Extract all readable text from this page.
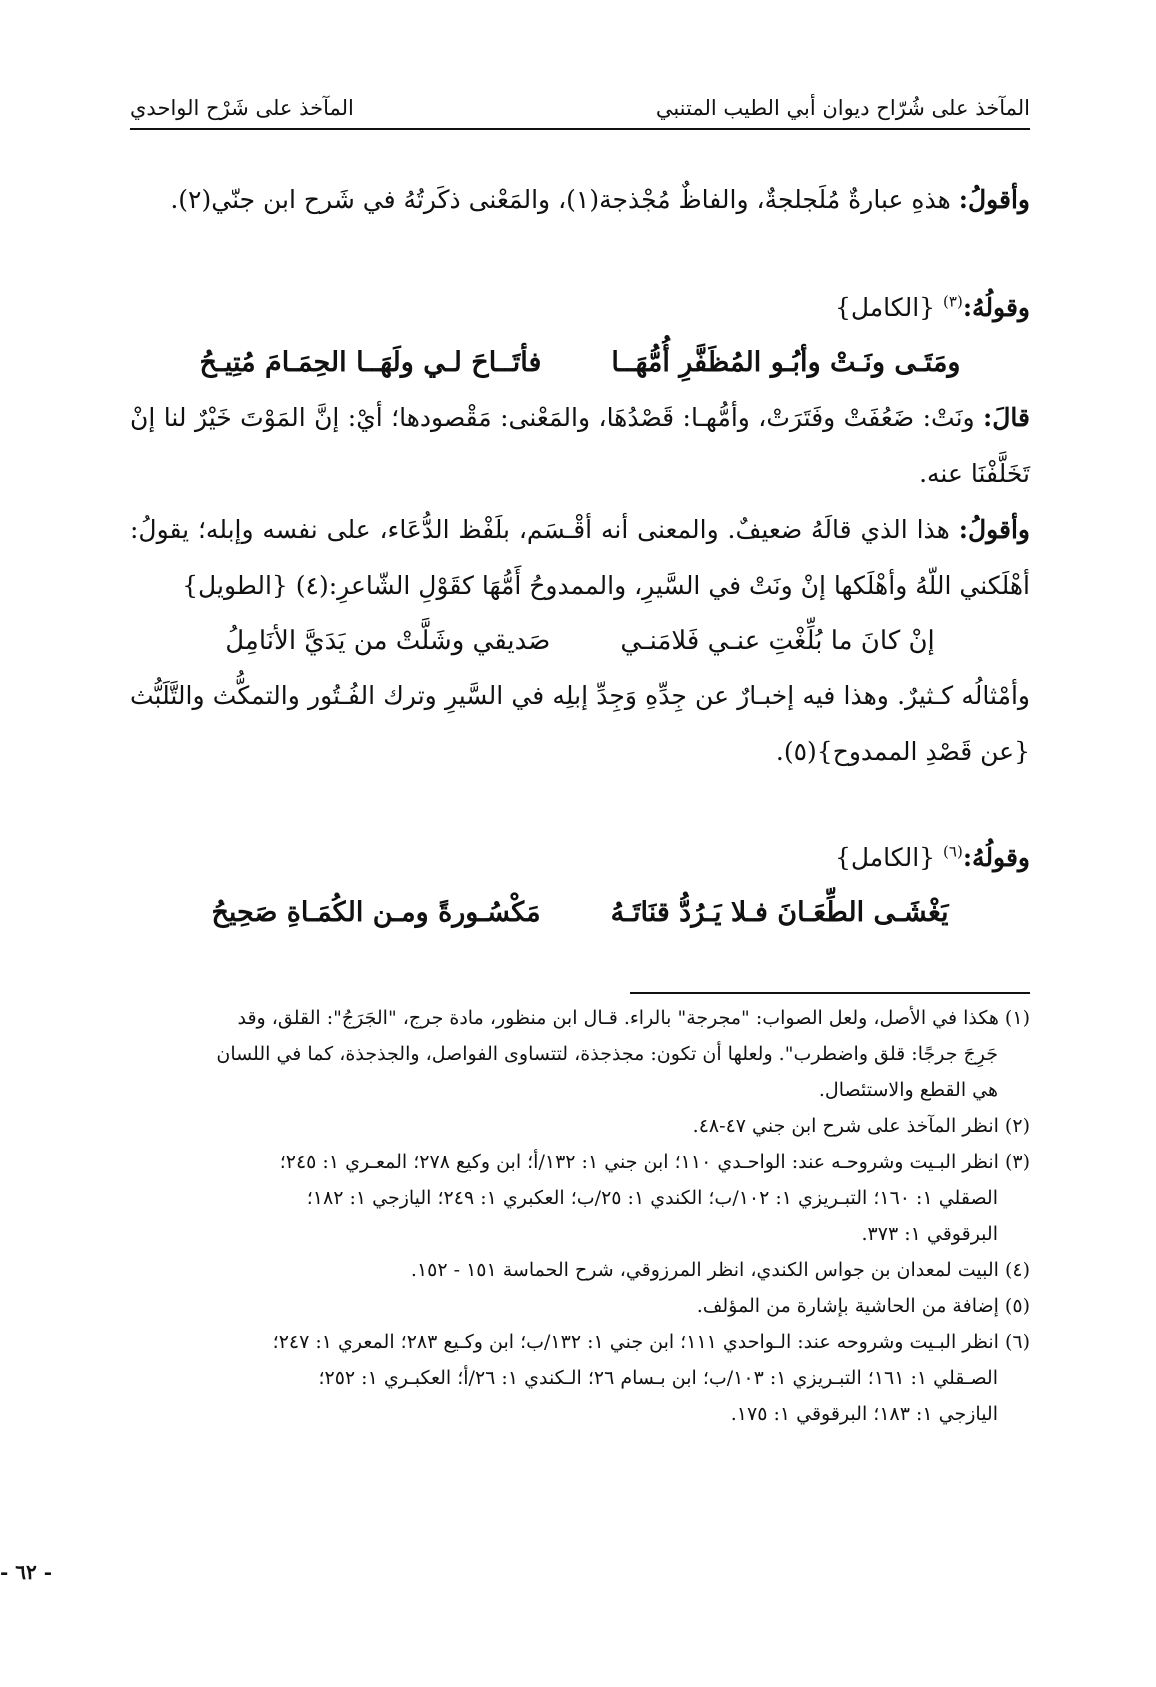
المآخذ على شُرّاح ديوان أبي الطيب المتنبي
المآخذ على شَرْح الواحدي

وأقولُ: هذهِ عبارةٌ مُلَجلجةٌ، والفاظٌ مُجْذجة(١)، والمَعْنى ذكَرتُهُ في شَرح ابن جنّي(٢).

وقولُهُ:$^{(٣)}$ {الكامل}

ومَتَـى ونَـتْ وأبُـو المُظَفَّرِ أُمُّهَــا
فأتَــاحَ لـي ولَهَــا الحِمَـامَ مُتِيـحُ

قالَ: ونَتْ: ضَعُفَتْ وفَتَرَتْ، وأمُّهـا: قَصْدُهَا، والمَعْنى: مَقْصودها؛ أيْ: إنَّ المَوْتَ خَيْرٌ لنا إنْ تَخَلَّفْنَا عنه.

وأقولُ: هذا الذي قالَهُ ضعيفٌ. والمعنى أنه أقْـسَم، بلَفْظ الدُّعَاء، على نفسه وإبله؛ يقولُ: أهْلَكني اللّهُ وأهْلَكها إنْ ونَتْ في السَّيرِ، والممدوحُ أَمُّهَا كقَوْلِ الشّاعرِ:(٤) {الطويل}

إنْ كانَ ما بُلِّغْتِ عنـي فَلامَنـي
صَديقي وشَلَّتْ من يَدَيَّ الأنَامِلُ

وأمْثالُه كـثيرٌ. وهذا فيه إخبـارٌ عن جِدِّهِ وَجِدِّ إبلِه في السَّيرِ وترك الفُـتُور والتمكُّث والتَّلَبُّث {عن قَصْدِ الممدوح}(٥).

وقولُهُ:$^{(٦)}$ {الكامل}

يَغْشَـى الطِّعَـانَ فـلا يَـرُدُّ قنَاتَـهُ
مَكْسُـورةً ومـن الكُمَـاةِ صَحِيحُ

(١) هكذا في الأصل، ولعل الصواب: "مجرجة" بالراء. قـال ابن منظور، مادة جرج، "الجَرَجُ": القلق، وقد

جَرِجَ جرجًا: قلق واضطرب". ولعلها أن تكون: مجذجذة، لتتساوى الفواصل، والجذجذة، كما في اللسان

هي القطع والاستئصال.

(٢) انظر المآخذ على شرح ابن جني ٤٧-٤٨.

(٣) انظر البـيت وشروحـه عند: الواحـدي ١١٠؛ ابن جني ١: ١٣٢/أ؛ ابن وكيع ٢٧٨؛ المعـري ١: ٢٤٥؛

الصقلي ١: ١٦٠؛ التبـريزي ١: ١٠٢/ب؛ الكندي ١: ٢٥/ب؛ العكبري ١: ٢٤٩؛ اليازجي ١: ١٨٢؛

البرقوقي ١: ٣٧٣.

(٤) البيت لمعدان بن جواس الكندي، انظر المرزوقي، شرح الحماسة ١٥١ - ١٥٢.

(٥) إضافة من الحاشية بإشارة من المؤلف.

(٦) انظر البـيت وشروحه عند: الـواحدي ١١١؛ ابن جني ١: ١٣٢/ب؛ ابن وكـيع ٢٨٣؛ المعري ١: ٢٤٧؛

الصـقلي ١: ١٦١؛ التبـريزي ١: ١٠٣/ب؛ ابن بـسام ٢٦؛ الـكندي ١: ٢٦/أ؛ العكبـري ١: ٢٥٢؛

اليازجي ١: ١٨٣؛ البرقوقي ١: ١٧٥.

- ٦٢ -
